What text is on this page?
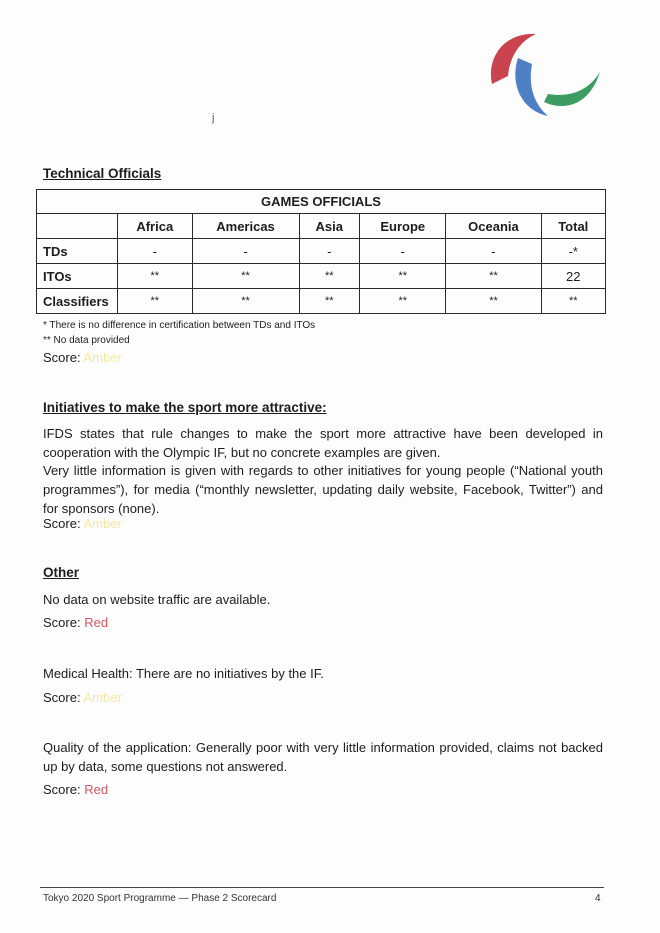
j
Technical Officials
GAMES OFFICIALS						
	Africa	Americas	Asia	Europe	Oceania	Total
TDs	-	-	-	-	-	-*
ITOs	**	**	**	**	**	22
Classifiers	**	**	**	**	**	**

* There is no difference in certification between TDs and ITOs

** No data provided

Score: Amber

Initiatives to make the sport more attractive:

IFDS states that rule changes to make the sport more attractive have been developed in cooperation with the Olympic IF, but no concrete examples are given.

Very little information is given with regards to other initiatives for young people (“National youth programmes”), for media (“monthly newsletter, updating daily website, Facebook, Twitter”) and for sponsors (none).

Score: Amber

Other

No data on website traffic are available.

Score: Red

Medical Health: There are no initiatives by the IF.

Score: Amber

Quality of the application: Generally poor with very little information provided, claims not backed up by data, some questions not answered.

Score: Red

Tokyo 2020 Sport Programme — Phase 2 Scorecard	4
